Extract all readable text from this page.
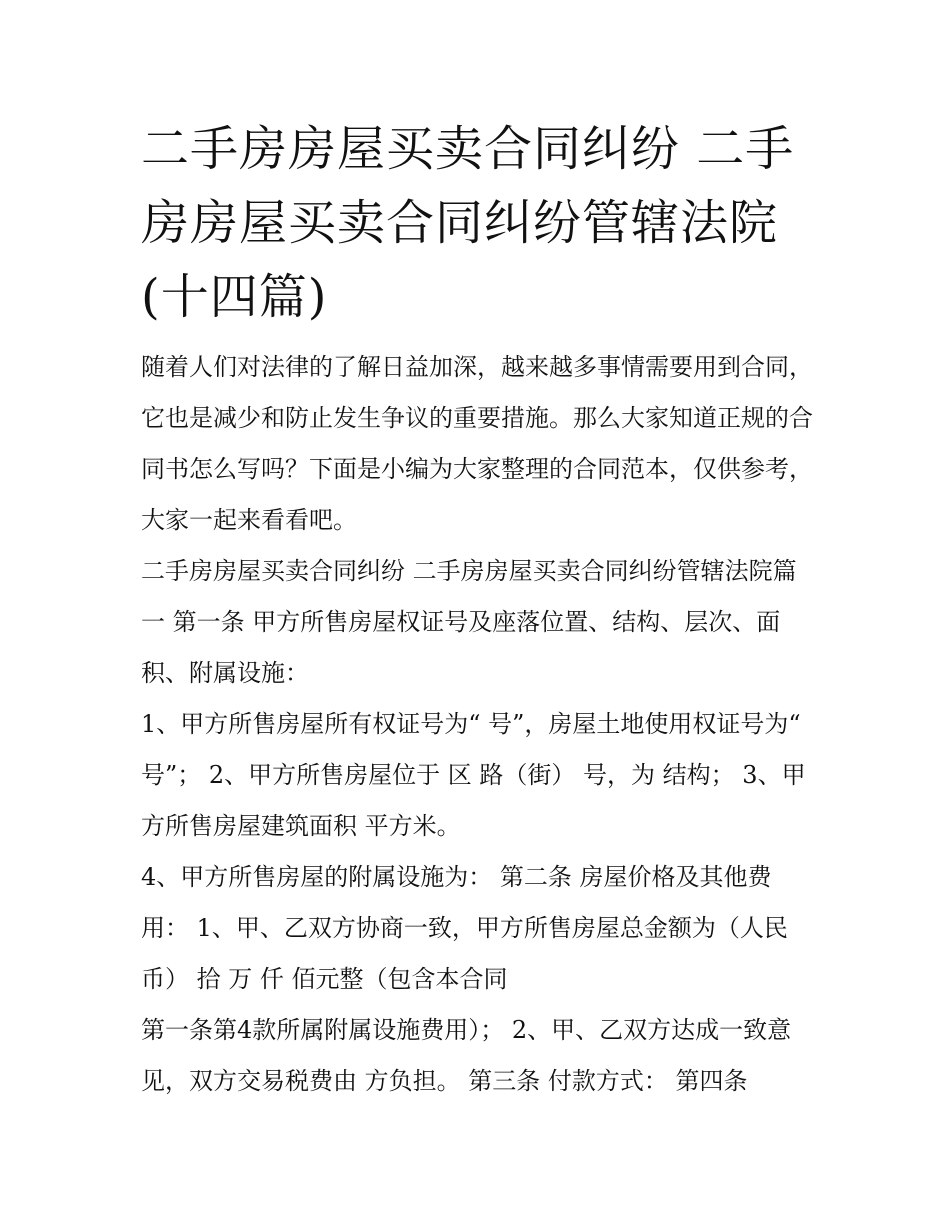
二手房房屋买卖合同纠纷 二手房房屋买卖合同纠纷管辖法院(十四篇)

随着人们对法律的了解日益加深，越来越多事情需要用到合同，它也是减少和防止发生争议的重要措施。那么大家知道正规的合同书怎么写吗？下面是小编为大家整理的合同范本，仅供参考，大家一起来看看吧。

二手房房屋买卖合同纠纷 二手房房屋买卖合同纠纷管辖法院篇一 第一条 甲方所售房屋权证号及座落位置、结构、层次、面积、附属设施：

1、甲方所售房屋所有权证号为“ 号”，房屋土地使用权证号为“ 号”； 2、甲方所售房屋位于 区 路（街） 号，为 结构； 3、甲方所售房屋建筑面积 平方米。

4、甲方所售房屋的附属设施为： 第二条 房屋价格及其他费用： 1、甲、乙双方协商一致，甲方所售房屋总金额为（人民币） 拾 万 仟 佰元整（包含本合同

第一条第4款所属附属设施费用）； 2、甲、乙双方达成一致意见，双方交易税费由 方负担。 第三条 付款方式： 第四条
